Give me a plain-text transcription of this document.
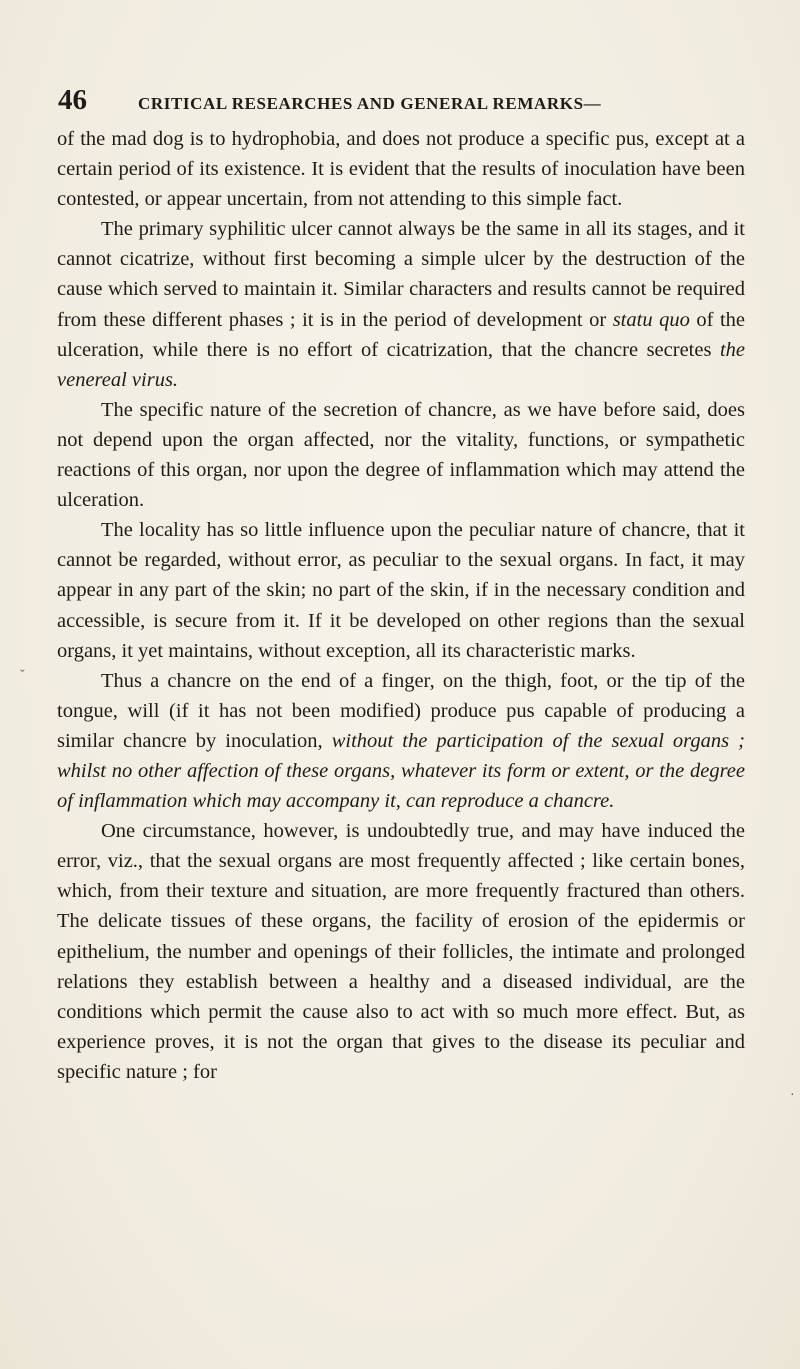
46	CRITICAL RESEARCHES AND GENERAL REMARKS—

of the mad dog is to hydrophobia, and does not produce a specific pus, except at a certain period of its existence. It is evident that the results of inoculation have been contested, or appear uncertain, from not attending to this simple fact.

The primary syphilitic ulcer cannot always be the same in all its stages, and it cannot cicatrize, without first becoming a simple ulcer by the destruction of the cause which served to maintain it. Similar characters and results cannot be required from these different phases ; it is in the period of development or statu quo of the ulceration, while there is no effort of cicatrization, that the chancre secretes the venereal virus.

The specific nature of the secretion of chancre, as we have before said, does not depend upon the organ affected, nor the vitality, functions, or sympathetic reactions of this organ, nor upon the degree of inflammation which may attend the ulceration.

The locality has so little influence upon the peculiar nature of chancre, that it cannot be regarded, without error, as peculiar to the sexual organs. In fact, it may appear in any part of the skin; no part of the skin, if in the necessary condition and accessible, is secure from it. If it be developed on other regions than the sexual organs, it yet maintains, without exception, all its characteristic marks.

Thus a chancre on the end of a finger, on the thigh, foot, or the tip of the tongue, will (if it has not been modified) produce pus capable of producing a similar chancre by inoculation, without the participation of the sexual organs ; whilst no other affection of these organs, whatever its form or extent, or the degree of inflammation which may accompany it, can reproduce a chancre.

One circumstance, however, is undoubtedly true, and may have induced the error, viz., that the sexual organs are most frequently affected ; like certain bones, which, from their texture and situation, are more frequently fractured than others. The delicate tissues of these organs, the facility of erosion of the epidermis or epithelium, the number and openings of their follicles, the intimate and prolonged relations they establish between a healthy and a diseased individual, are the conditions which permit the cause also to act with so much more effect. But, as experience proves, it is not the organ that gives to the disease its peculiar and specific nature ; for

ˇ
·
